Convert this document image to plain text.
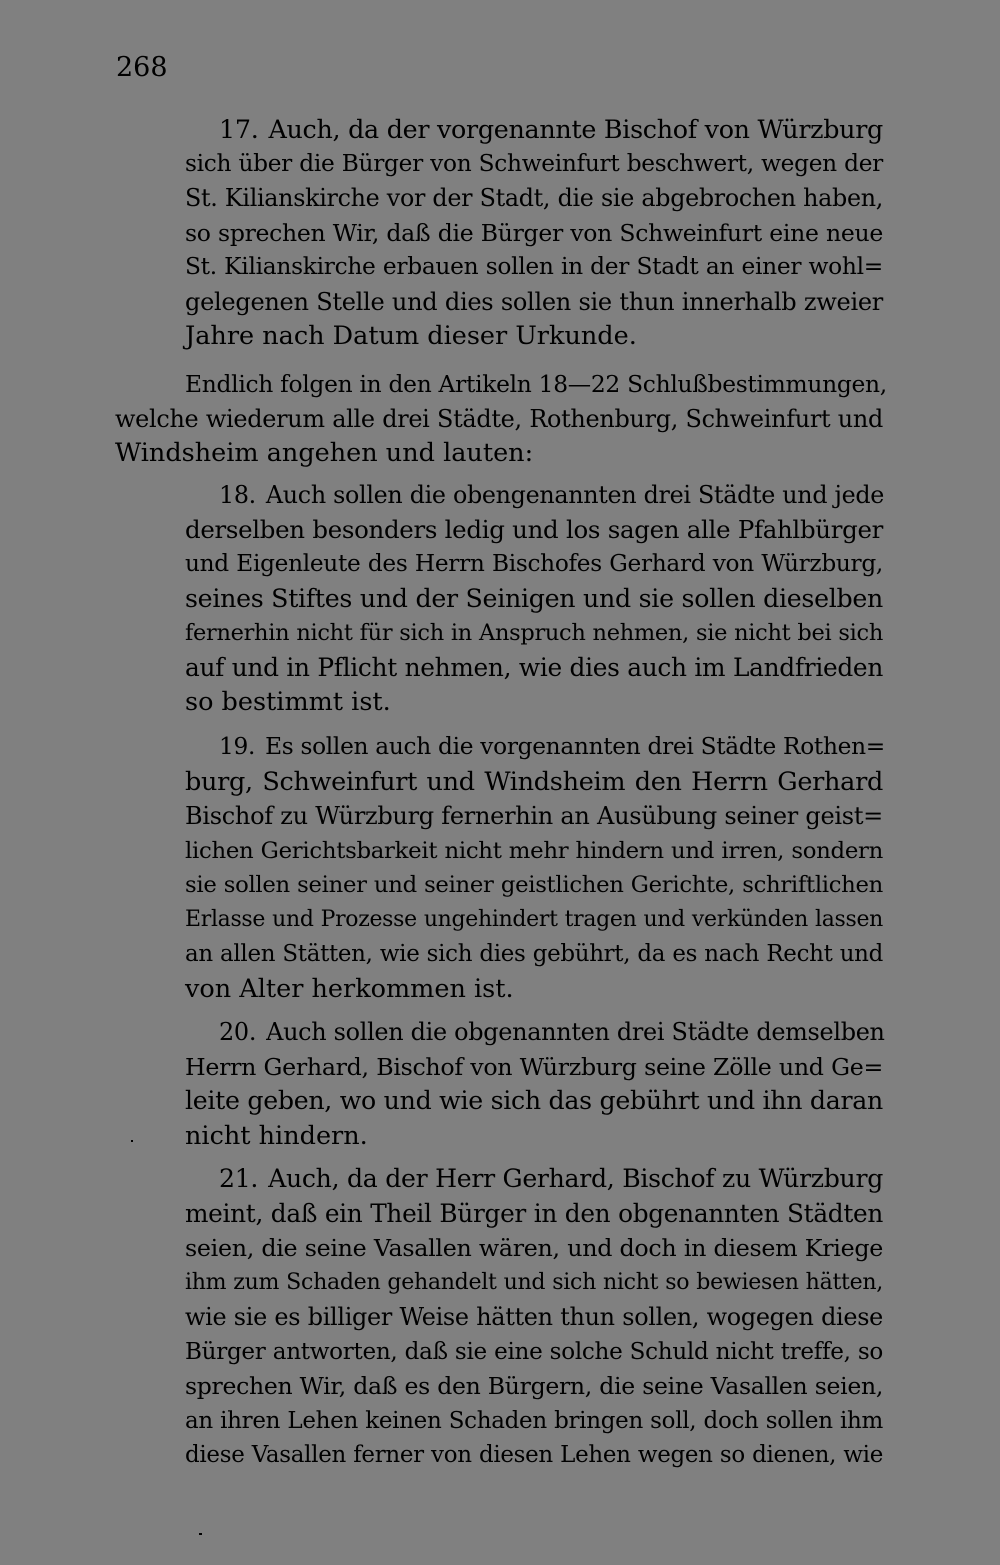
268
17. Auch, da der vorgenannte Bischof von Würzburg
sich über die Bürger von Schweinfurt beschwert, wegen der
St. Kilianskirche vor der Stadt, die sie abgebrochen haben,
so sprechen Wir, daß die Bürger von Schweinfurt eine neue
St. Kilianskirche erbauen sollen in der Stadt an einer wohl=
gelegenen Stelle und dies sollen sie thun innerhalb zweier
Jahre nach Datum dieser Urkunde.
Endlich folgen in den Artikeln 18—22 Schlußbestimmungen,
welche wiederum alle drei Städte, Rothenburg, Schweinfurt und
Windsheim angehen und lauten:
18. Auch sollen die obengenannten drei Städte und jede
derselben besonders ledig und los sagen alle Pfahlbürger
und Eigenleute des Herrn Bischofes Gerhard von Würzburg,
seines Stiftes und der Seinigen und sie sollen dieselben
fernerhin nicht für sich in Anspruch nehmen, sie nicht bei sich
auf und in Pflicht nehmen, wie dies auch im Landfrieden
so bestimmt ist.
19. Es sollen auch die vorgenannten drei Städte Rothen=
burg, Schweinfurt und Windsheim den Herrn Gerhard
Bischof zu Würzburg fernerhin an Ausübung seiner geist=
lichen Gerichtsbarkeit nicht mehr hindern und irren, sondern
sie sollen seiner und seiner geistlichen Gerichte, schriftlichen
Erlasse und Prozesse ungehindert tragen und verkünden lassen
an allen Stätten, wie sich dies gebührt, da es nach Recht und
von Alter herkommen ist.
20. Auch sollen die obgenannten drei Städte demselben
Herrn Gerhard, Bischof von Würzburg seine Zölle und Ge=
leite geben, wo und wie sich das gebührt und ihn daran
nicht hindern.
21. Auch, da der Herr Gerhard, Bischof zu Würzburg
meint, daß ein Theil Bürger in den obgenannten Städten
seien, die seine Vasallen wären, und doch in diesem Kriege
ihm zum Schaden gehandelt und sich nicht so bewiesen hätten,
wie sie es billiger Weise hätten thun sollen, wogegen diese
Bürger antworten, daß sie eine solche Schuld nicht treffe, so
sprechen Wir, daß es den Bürgern, die seine Vasallen seien,
an ihren Lehen keinen Schaden bringen soll, doch sollen ihm
diese Vasallen ferner von diesen Lehen wegen so dienen, wie
